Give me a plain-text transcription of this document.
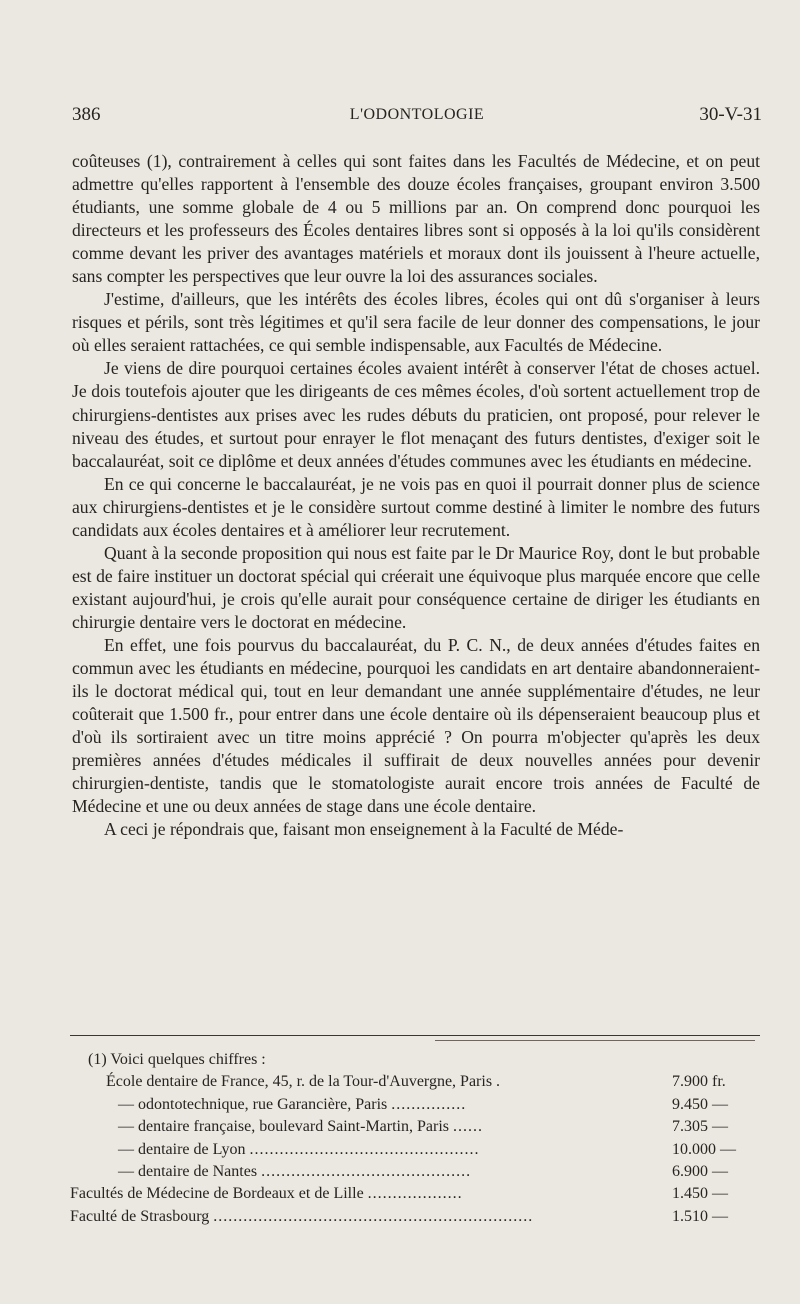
386	L'ODONTOLOGIE	30-V-31

coûteuses (1), contrairement à celles qui sont faites dans les Facultés de Médecine, et on peut admettre qu'elles rapportent à l'ensemble des douze écoles françaises, groupant environ 3.500 étudiants, une somme globale de 4 ou 5 millions par an. On comprend donc pourquoi les directeurs et les professeurs des Écoles dentaires libres sont si opposés à la loi qu'ils considèrent comme devant les priver des avantages matériels et moraux dont ils jouissent à l'heure actuelle, sans compter les perspectives que leur ouvre la loi des assurances sociales.

J'estime, d'ailleurs, que les intérêts des écoles libres, écoles qui ont dû s'organiser à leurs risques et périls, sont très légitimes et qu'il sera facile de leur donner des compensations, le jour où elles seraient rattachées, ce qui semble indispensable, aux Facultés de Médecine.

Je viens de dire pourquoi certaines écoles avaient intérêt à conserver l'état de choses actuel. Je dois toutefois ajouter que les dirigeants de ces mêmes écoles, d'où sortent actuellement trop de chirurgiens-dentistes aux prises avec les rudes débuts du praticien, ont proposé, pour relever le niveau des études, et surtout pour enrayer le flot menaçant des futurs dentistes, d'exiger soit le baccalauréat, soit ce diplôme et deux années d'études communes avec les étudiants en médecine.

En ce qui concerne le baccalauréat, je ne vois pas en quoi il pourrait donner plus de science aux chirurgiens-dentistes et je le considère surtout comme destiné à limiter le nombre des futurs candidats aux écoles dentaires et à améliorer leur recrutement.

Quant à la seconde proposition qui nous est faite par le Dr Maurice Roy, dont le but probable est de faire instituer un doctorat spécial qui créerait une équivoque plus marquée encore que celle existant aujourd'hui, je crois qu'elle aurait pour conséquence certaine de diriger les étudiants en chirurgie dentaire vers le doctorat en médecine.

En effet, une fois pourvus du baccalauréat, du P. C. N., de deux années d'études faites en commun avec les étudiants en médecine, pourquoi les candidats en art dentaire abandonneraient-ils le doctorat médical qui, tout en leur demandant une année supplémentaire d'études, ne leur coûterait que 1.500 fr., pour entrer dans une école dentaire où ils dépenseraient beaucoup plus et d'où ils sortiraient avec un titre moins apprécié ? On pourra m'objecter qu'après les deux premières années d'études médicales il suffirait de deux nouvelles années pour devenir chirurgien-dentiste, tandis que le stomatologiste aurait encore trois années de Faculté de Médecine et une ou deux années de stage dans une école dentaire.

A ceci je répondrais que, faisant mon enseignement à la Faculté de Méde-

(1) Voici quelques chiffres :
École dentaire de France, 45, r. de la Tour-d'Auvergne, Paris .	7.900 fr.
— odontotechnique, rue Garancière, Paris ...............	9.450 —
— dentaire française, boulevard Saint-Martin, Paris ......	7.305 —
— dentaire de Lyon ..............................................	10.000 —
— dentaire de Nantes ..........................................	6.900 —
Facultés de Médecine de Bordeaux et de Lille ...................	1.450 —
Faculté de Strasbourg ................................................................	1.510 —
